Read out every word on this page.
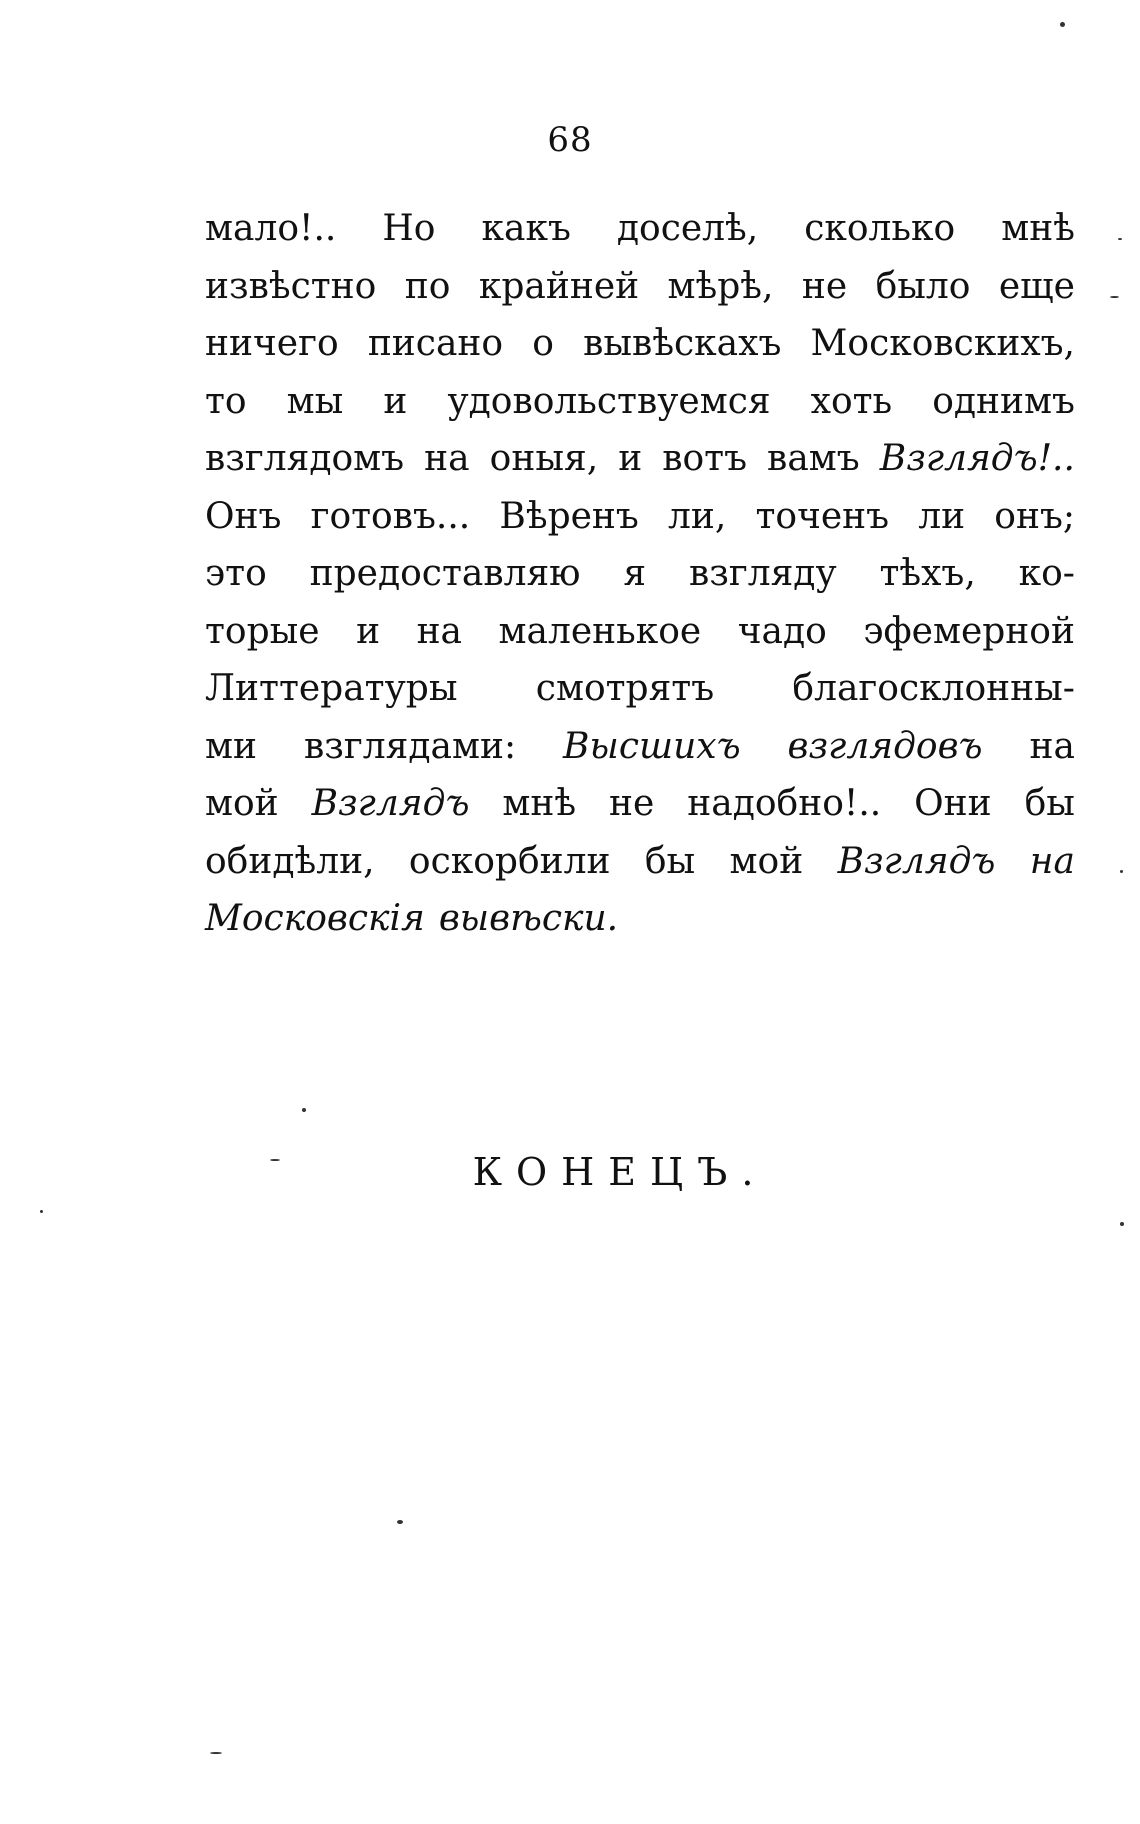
68
мало!.. Но какъ доселѣ, сколько мнѣ
извѣстно по крайней мѣрѣ, не было еще
ничего писано о вывѣскахъ Московскихъ,
то мы и удовольствуемся хоть однимъ
взглядомъ на оныя, и вотъ вамъ Взглядъ!..
Онъ готовъ... Вѣренъ ли, точенъ ли онъ;
это предоставляю я взгляду тѣхъ, ко-
торые и на маленькое чадо эфемерной
Литтературы смотрятъ благосклонны-
ми взглядами: Высшихъ взглядовъ на
мой Взглядъ мнѣ не надобно!.. Они бы
обидѣли, оскорбили бы мой Взглядъ на
Московскія вывѣски.
КОНЕЦЪ.
